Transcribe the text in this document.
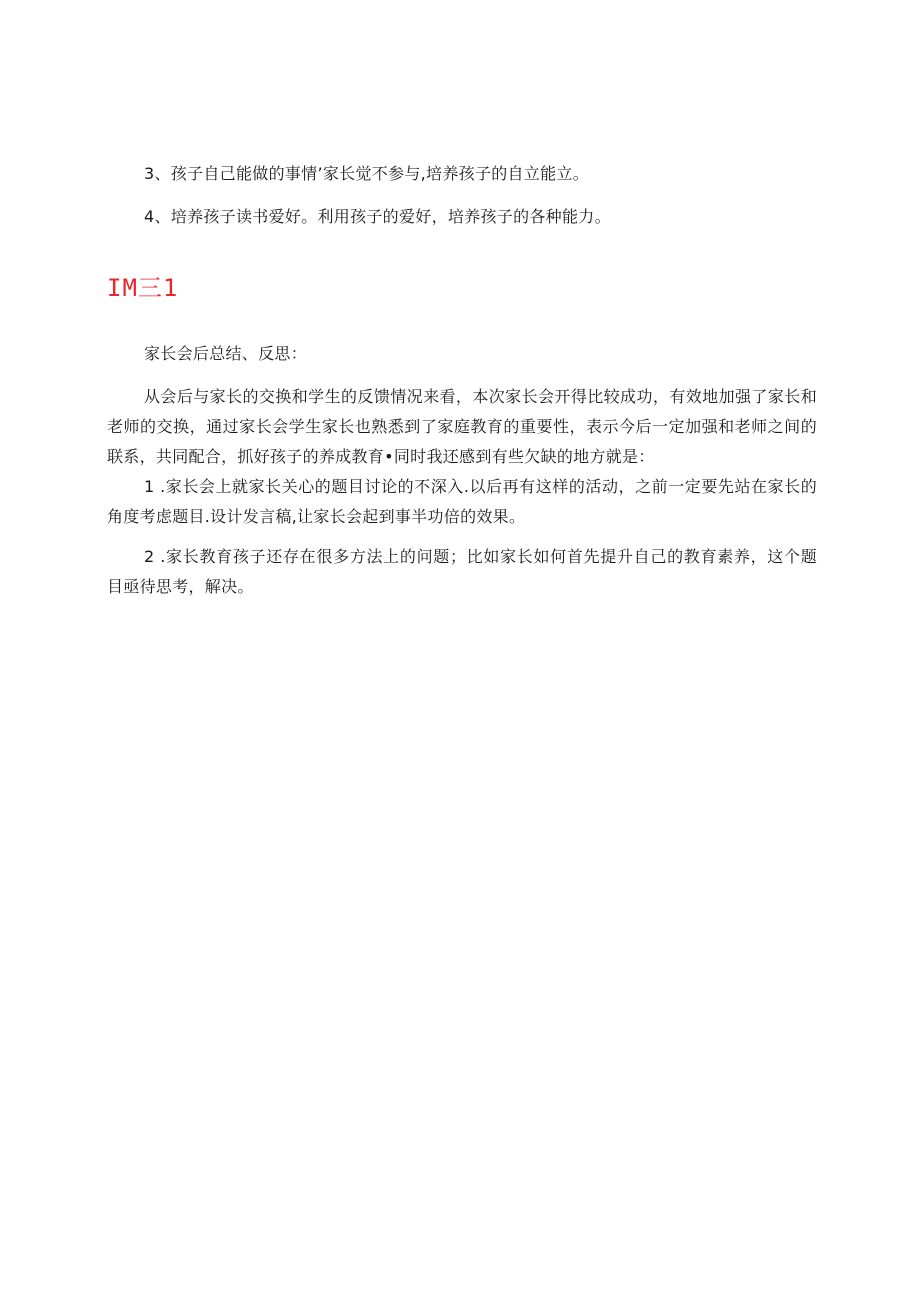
3、孩子自己能做的事情’家长觉不参与,培养孩子的自立能立。
4、培养孩子读书爱好。利用孩子的爱好，培养孩子的各种能力。
IM三1
家长会后总结、反思：
从会后与家长的交换和学生的反馈情况来看，本次家长会开得比较成功，有效地加强了家长和老师的交换，通过家长会学生家长也熟悉到了家庭教育的重要性，表示今后一定加强和老师之间的联系，共同配合，抓好孩子的养成教育•同时我还感到有些欠缺的地方就是：
1 .家长会上就家长关心的题目讨论的不深入.以后再有这样的活动，之前一定要先站在家长的角度考虑题目.设计发言稿,让家长会起到事半功倍的效果。
2 .家长教育孩子还存在很多方法上的问题；比如家长如何首先提升自己的教育素养，这个题目亟待思考，解决。
